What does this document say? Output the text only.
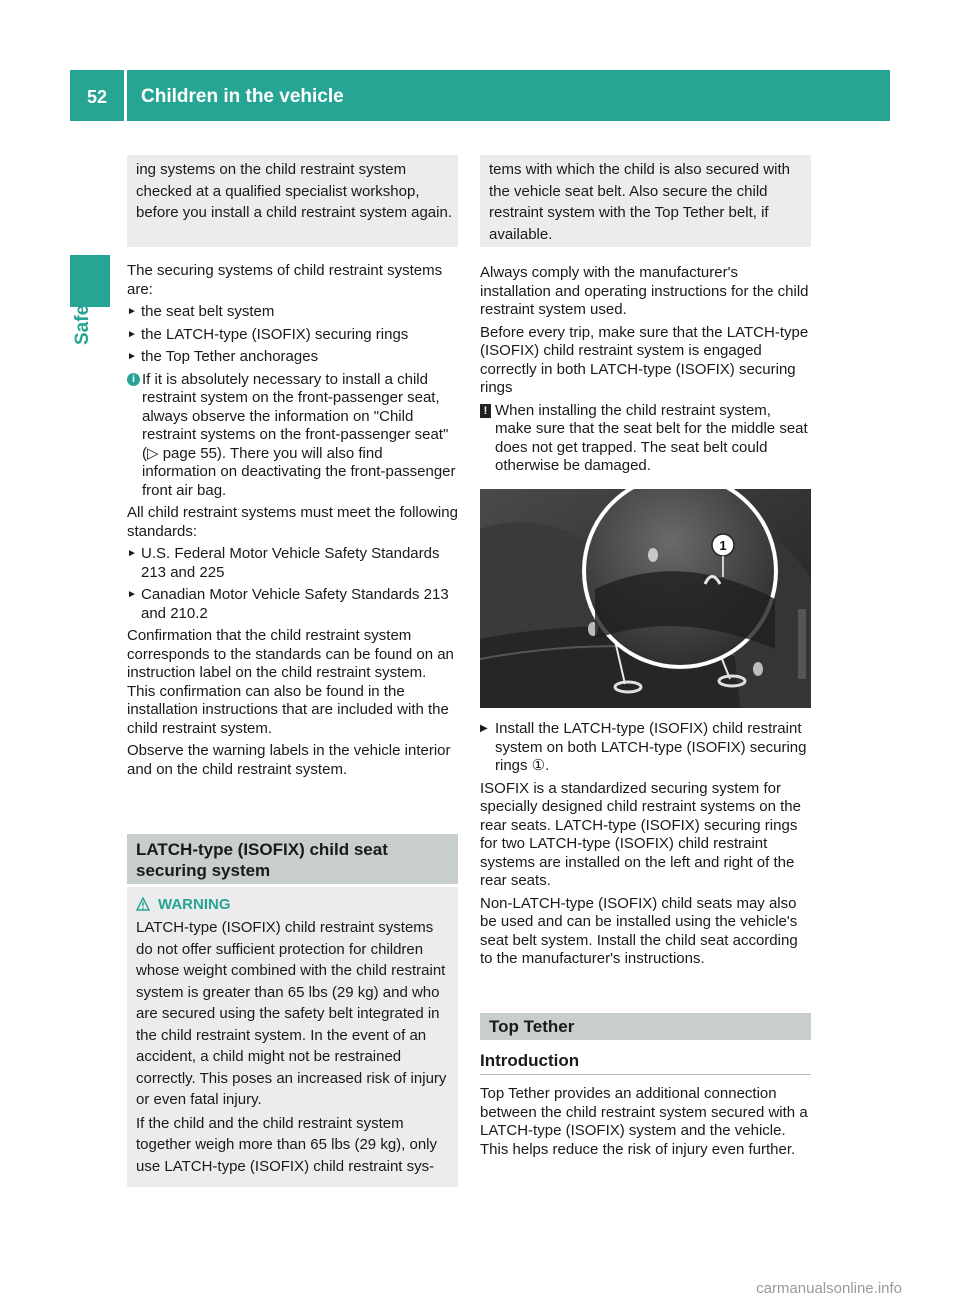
52	Children in the vehicle
Safety
ing systems on the child restraint system checked at a qualified specialist workshop, before you install a child restraint system again.
tems with which the child is also secured with the vehicle seat belt. Also secure the child restraint system with the Top Tether belt, if available.

The securing systems of child restraint systems are:

► the seat belt system
► the LATCH-type (ISOFIX) securing rings
► the Top Tether anchorages
i If it is absolutely necessary to install a child restraint system on the front-passenger seat, always observe the information on "Child restraint systems on the front-passenger seat" (▷ page 55). There you will also find information on deactivating the front-passenger front air bag.

All child restraint systems must meet the following standards:

► U.S. Federal Motor Vehicle Safety Standards 213 and 225
► Canadian Motor Vehicle Safety Standards 213 and 210.2

Confirmation that the child restraint system corresponds to the standards can be found on an instruction label on the child restraint system. This confirmation can also be found in the installation instructions that are included with the child restraint system.

Observe the warning labels in the vehicle interior and on the child restraint system.

LATCH-type (ISOFIX) child seat securing system
WARNING

LATCH-type (ISOFIX) child restraint systems do not offer sufficient protection for children whose weight combined with the child restraint system is greater than 65 lbs (29 kg) and who are secured using the safety belt integrated in the child restraint system. In the event of an accident, a child might not be restrained correctly. This poses an increased risk of injury or even fatal injury.

If the child and the child restraint system together weigh more than 65 lbs (29 kg), only use LATCH-type (ISOFIX) child restraint sys-

Always comply with the manufacturer's installation and operating instructions for the child restraint system used.

Before every trip, make sure that the LATCH-type (ISOFIX) child restraint system is engaged correctly in both LATCH-type (ISOFIX) securing rings

! When installing the child restraint system, make sure that the seat belt for the middle seat does not get trapped. The seat belt could otherwise be damaged.
1
▶ Install the LATCH-type (ISOFIX) child restraint system on both LATCH-type (ISOFIX) securing rings ①.

ISOFIX is a standardized securing system for specially designed child restraint systems on the rear seats. LATCH-type (ISOFIX) securing rings for two LATCH-type (ISOFIX) child restraint systems are installed on the left and right of the rear seats.

Non-LATCH-type (ISOFIX) child seats may also be used and can be installed using the vehicle's seat belt system. Install the child seat according to the manufacturer's instructions.

Top Tether
Introduction

Top Tether provides an additional connection between the child restraint system secured with a LATCH-type (ISOFIX) system and the vehicle. This helps reduce the risk of injury even further.

carmanualsonline.info
